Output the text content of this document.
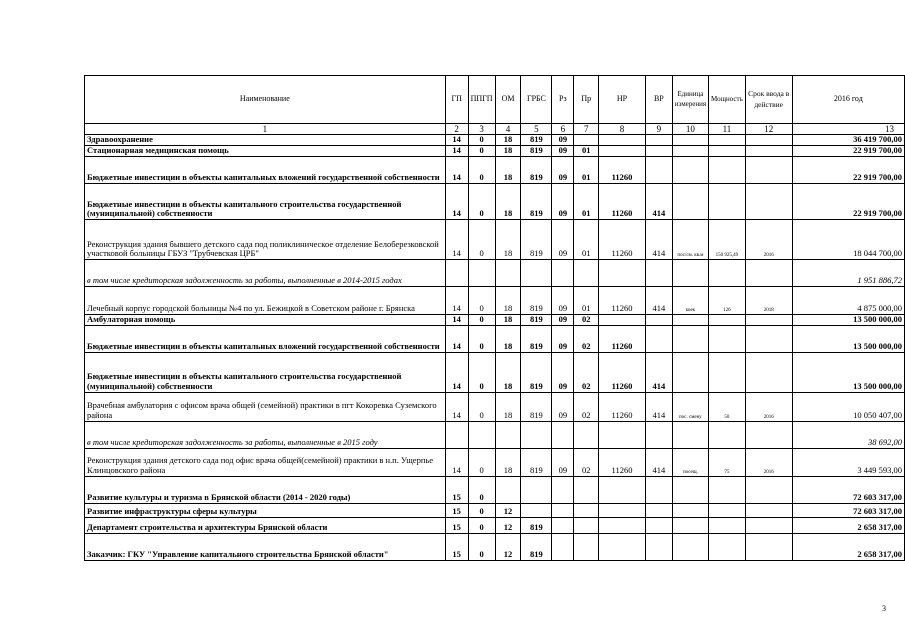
Наименование	ГП	ППГП	ОМ	ГРБС	Рз	Пр	НР	ВР	Единица измерения	Мощность	Срок ввода в действие	2016 год
1	2	3	4	5	6	7	8	9	10	11	12	13
Здравоохранение	14	0	18	819	09							36 419 700,00
Стационарная медицинская помощь	14	0	18	819	09	01						22 919 700,00
Бюджетные инвестиции в объекты капитальных вложений государственной собственности	14	0	18	819	09	01	11260					22 919 700,00
Бюджетные инвестиции в объекты капитального строительства государственной (муниципальной) собственности	14	0	18	819	09	01	11260	414				22 919 700,00
Реконструкция здания бывшего детского сада под поликлиническое отделение Белоберезковской участковой больницы ГБУЗ "Трубчевская ЦРБ"	14	0	18	819	09	01	11260	414	пос/см. кв.м	150 925,49	2016	18 044 700,00
в том числе кредиторская задолженность за работы, выполненные в 2014-2015 годах												1 951 886,72
Лечебный корпус городской больницы №4 по ул. Бежицкой в Советском районе г. Брянска	14	0	18	819	09	01	11260	414	коек	126	2018	4 875 000,00
Амбулаторная помощь	14	0	18	819	09	02						13 500 000,00
Бюджетные инвестиции в объекты капитальных вложений государственной собственности	14	0	18	819	09	02	11260					13 500 000,00
Бюджетные инвестиции в объекты капитального строительства государственной (муниципальной) собственности	14	0	18	819	09	02	11260	414				13 500 000,00
Врачебная амбулатория с офисом врача общей (семейной) практики в пгт Кокоревка Суземского района	14	0	18	819	09	02	11260	414	пос. смену	50	2016	10 050 407,00
в том числе кредиторская задолженность за работы, выполненные в 2015 году												38 692,00
Реконструкция здания детского сада под офис врача общей(семейной) практики в н.п. Ущерпье Клинцовского района	14	0	18	819	09	02	11260	414	посещ.	75	2016	3 449 593,00
Развитие культуры и туризма в Брянской области (2014 - 2020 годы)	15	0										72 603 317,00
Развитие инфраструктуры сферы культуры	15	0	12									72 603 317,00
Департамент строительства и архитектуры Брянской области	15	0	12	819								2 658 317,00
Заказчик: ГКУ "Управление капитального строительства Брянской области"	15	0	12	819								2 658 317,00
3
